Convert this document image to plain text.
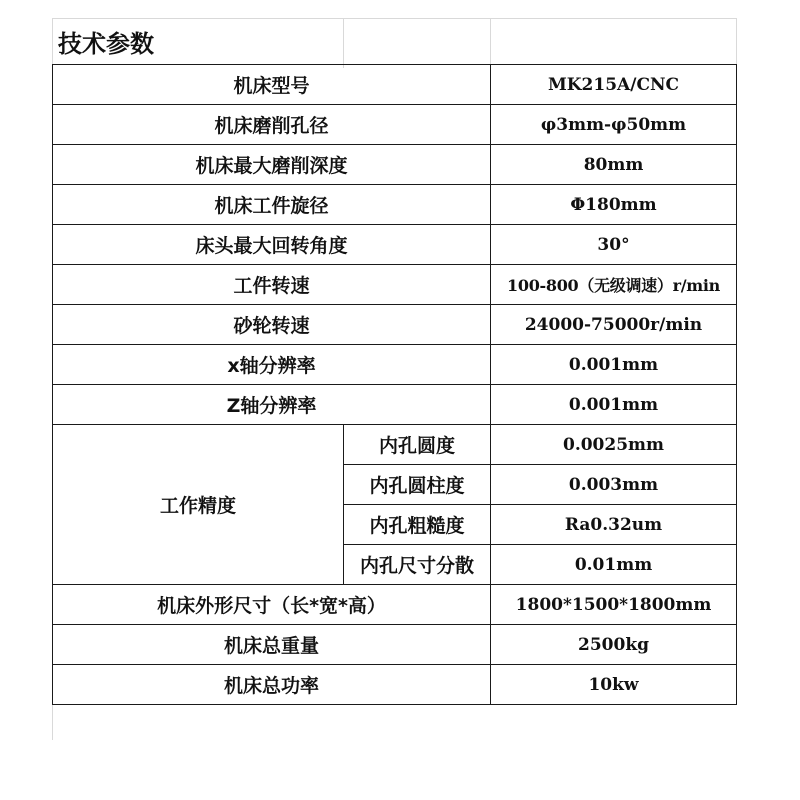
技术参数
机床型号		MK215A/CNC
机床磨削孔径		φ3mm-φ50mm
机床最大磨削深度		80mm
机床工件旋径		Φ180mm
床头最大回转角度		30°
工件转速		100-800（无级调速）r/min
砂轮转速		24000-75000r/min
x轴分辨率		0.001mm
Z轴分辨率		0.001mm
工作精度	内孔圆度	0.0025mm
	内孔圆柱度	0.003mm
	内孔粗糙度	Ra0.32um
	内孔尺寸分散	0.01mm
机床外形尺寸（长*宽*高）		1800*1500*1800mm
机床总重量		2500kg
机床总功率		10kw
